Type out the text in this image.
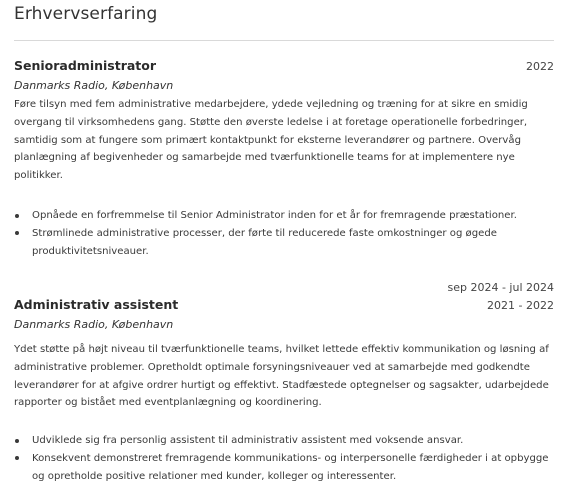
Erhvervserfaring
Senioradministrator	2022
Danmarks Radio, København

Føre tilsyn med fem administrative medarbejdere, ydede vejledning og træning for at sikre en smidig overgang til virksomhedens gang. Støtte den øverste ledelse i at foretage operationelle forbedringer, samtidig som at fungere som primært kontaktpunkt for eksterne leverandører og partnere. Overvåg planlægning af begivenheder og samarbejde med tværfunktionelle teams for at implementere nye politikker.

Opnåede en forfremmelse til Senior Administrator inden for et år for fremragende præstationer.
Strømlinede administrative processer, der førte til reducerede faste omkostninger og øgede produktivitetsniveauer.
sep 2024 - jul 2024
Administrativ assistent	2021 - 2022
Danmarks Radio, København

Ydet støtte på højt niveau til tværfunktionelle teams, hvilket lettede effektiv kommunikation og løsning af administrative problemer. Opretholdt optimale forsyningsniveauer ved at samarbejde med godkendte leverandører for at afgive ordrer hurtigt og effektivt. Stadfæstede optegnelser og sagsakter, udarbejdede rapporter og bistået med eventplanlægning og koordinering.

Udviklede sig fra personlig assistent til administrativ assistent med voksende ansvar.
Konsekvent demonstreret fremragende kommunikations- og interpersonelle færdigheder i at opbygge og opretholde positive relationer med kunder, kolleger og interessenter.
